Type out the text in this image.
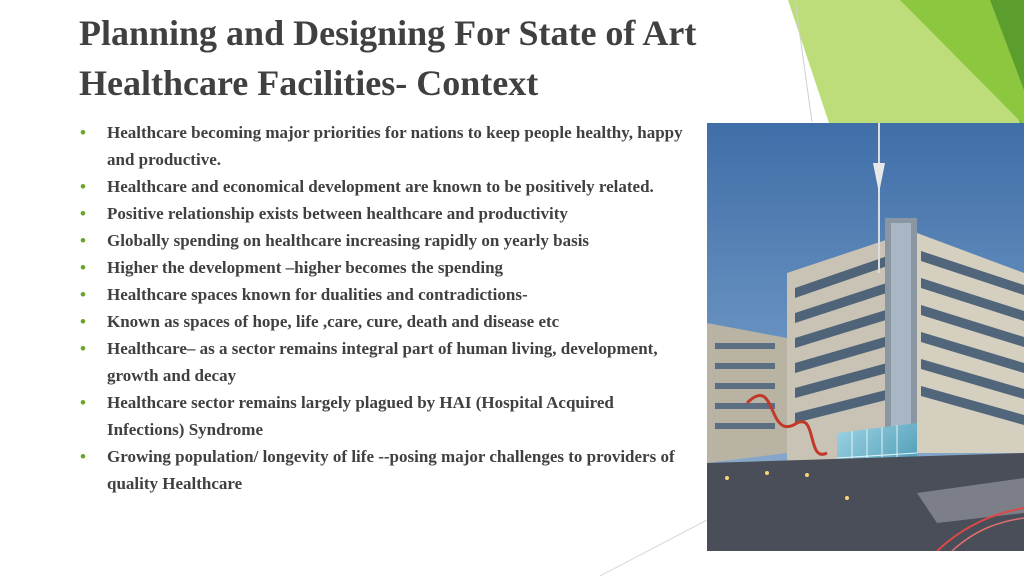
Planning and Designing For State of Art
Healthcare Facilities- Context
• Healthcare becoming major priorities for nations to keep people healthy, happy and productive.
• Healthcare and economical development are known to be positively related.
• Positive relationship exists between healthcare and productivity
• Globally spending on healthcare increasing rapidly on yearly basis
• Higher the development –higher becomes the spending
• Healthcare spaces known for dualities and contradictions-
• Known as spaces of hope, life ,care, cure, death and disease etc
• Healthcare– as a sector remains integral part of human living, development, growth and decay
• Healthcare sector remains largely plagued by HAI (Hospital Acquired Infections) Syndrome
• Growing population/ longevity of life --posing major challenges to providers of quality Healthcare
